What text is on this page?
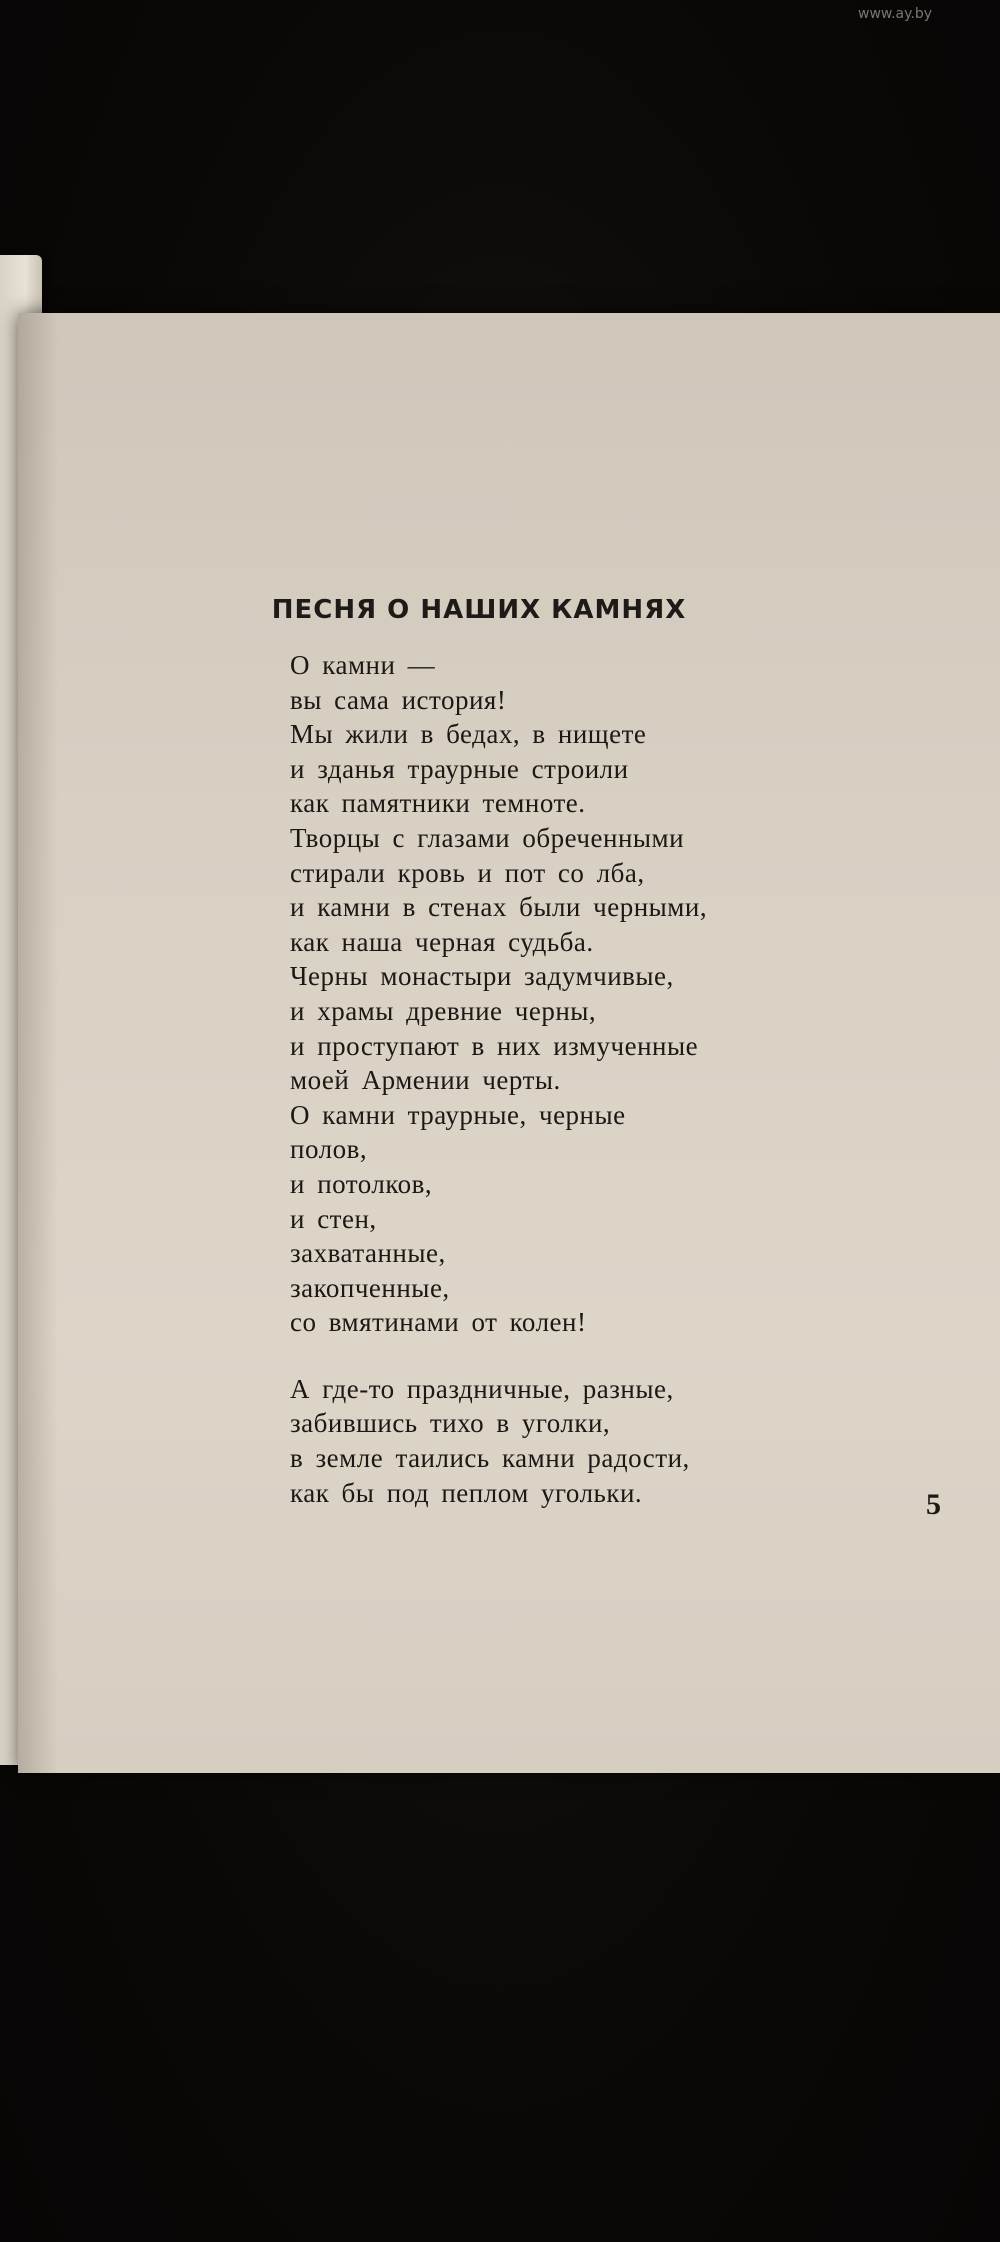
www.ay.by
ПЕСНЯ О НАШИХ КАМНЯХ
О камни —
вы сама история!
Мы жили в бедах, в нищете
и зданья траурные строили
как памятники темноте.
Творцы с глазами обреченными
стирали кровь и пот со лба,
и камни в стенах были черными,
как наша черная судьба.
Черны монастыри задумчивые,
и храмы древние черны,
и проступают в них измученные
моей Армении черты.
О камни траурные, черные
полов,
и потолков,
и стен,
захватанные,
закопченные,
со вмятинами от колен!
А где-то праздничные, разные,
забившись тихо в уголки,
в земле таились камни радости,
как бы под пеплом угольки.	5
